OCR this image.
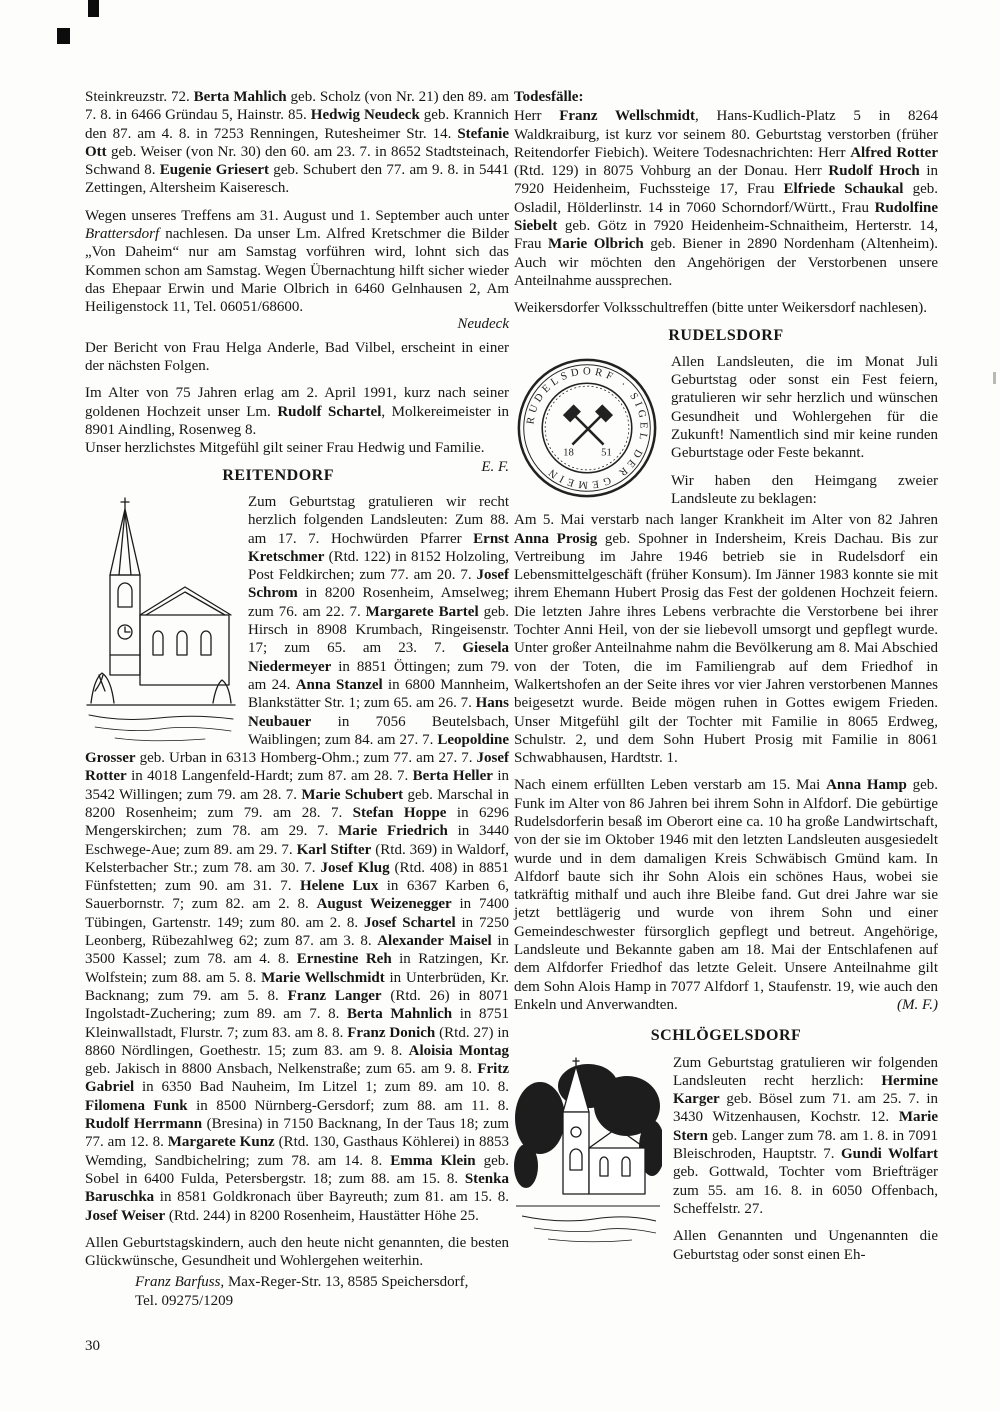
Steinkreuzstr. 72. Berta Mahlich geb. Scholz (von Nr. 21) den 89. am 7. 8. in 6466 Gründau 5, Hainstr. 85. Hedwig Neudeck geb. Krannich den 87. am 4. 8. in 7253 Renningen, Rutesheimer Str. 14. Stefanie Ott geb. Weiser (von Nr. 30) den 60. am 23. 7. in 8652 Stadtsteinach, Schwand 8. Eugenie Griesert geb. Schubert den 77. am 9. 8. in 5441 Zettingen, Altersheim Kaiseresch.

Wegen unseres Treffens am 31. August und 1. September auch unter Brattersdorf nachlesen. Da unser Lm. Alfred Kretschmer die Bilder „Von Daheim“ nur am Samstag vorführen wird, lohnt sich das Kommen schon am Samstag. Wegen Übernachtung hilft sicher wieder das Ehepaar Erwin und Marie Olbrich in 6460 Gelnhausen 2, Am Heiligenstock 11, Tel. 06051/68600.

Neudeck

Der Bericht von Frau Helga Anderle, Bad Vilbel, erscheint in einer der nächsten Folgen.

Im Alter von 75 Jahren erlag am 2. April 1991, kurz nach seiner goldenen Hochzeit unser Lm. Rudolf Schartel, Molkereimeister in 8901 Aindling, Rosenweg 8.

Unser herzlichstes Mitgefühl gilt seiner Frau Hedwig und Familie.
E. F.

REITENDORF

Zum Geburtstag gratulieren wir recht herzlich folgenden Landsleuten: Zum 88. am 17. 7. Hochwürden Pfarrer Ernst Kretschmer (Rtd. 122) in 8152 Holzoling, Post Feldkirchen; zum 77. am 20. 7. Josef Schrom in 8200 Rosenheim, Amselweg; zum 76. am 22. 7. Margarete Bartel geb. Hirsch in 8908 Krumbach, Ringeisenstr. 17; zum 65. am 23. 7. Giesela Niedermeyer in 8851 Öttingen; zum 79. am 24. Anna Stanzel in 6800 Mannheim, Blankstätter Str. 1; zum 65. am 26. 7. Hans Neubauer in 7056 Beutelsbach, Waiblingen; zum 84. am 27. 7. Leopoldine Grosser geb. Urban in 6313 Homberg-Ohm.; zum 77. am 27. 7. Josef Rotter in 4018 Langenfeld-Hardt; zum 87. am 28. 7. Berta Heller in 3542 Willingen; zum 79. am 28. 7. Marie Schubert geb. Marschal in 8200 Rosenheim; zum 79. am 28. 7. Stefan Hoppe in 6296 Mengerskirchen; zum 78. am 29. 7. Marie Friedrich in 3440 Eschwege-Aue; zum 89. am 29. 7. Karl Stifter (Rtd. 369) in Waldorf, Kelsterbacher Str.; zum 78. am 30. 7. Josef Klug (Rtd. 408) in 8851 Fünfstetten; zum 90. am 31. 7. Helene Lux in 6367 Karben 6, Sauerbornstr. 7; zum 82. am 2. 8. August Weizenegger in 7400 Tübingen, Gartenstr. 149; zum 80. am 2. 8. Josef Schartel in 7250 Leonberg, Rübezahlweg 62; zum 87. am 3. 8. Alexander Maisel in 3500 Kassel; zum 78. am 4. 8. Ernestine Reh in Ratzingen, Kr. Wolfstein; zum 88. am 5. 8. Marie Wellschmidt in Unterbrüden, Kr. Backnang; zum 79. am 5. 8. Franz Langer (Rtd. 26) in 8071 Ingolstadt-Zuchering; zum 89. am 7. 8. Berta Mahnlich in 8751 Kleinwallstadt, Flurstr. 7; zum 83. am 8. 8. Franz Donich (Rtd. 27) in 8860 Nördlingen, Goethestr. 15; zum 83. am 9. 8. Aloisia Montag geb. Jakisch in 8800 Ansbach, Nelkenstraße; zum 65. am 9. 8. Fritz Gabriel in 6350 Bad Nauheim, Im Litzel 1; zum 89. am 10. 8. Filomena Funk in 8500 Nürnberg-Gersdorf; zum 88. am 11. 8. Rudolf Herrmann (Bresina) in 7150 Backnang, In der Taus 18; zum 77. am 12. 8. Margarete Kunz (Rtd. 130, Gasthaus Köhlerei) in 8853 Wemding, Sandbichelring; zum 78. am 14. 8. Emma Klein geb. Sobel in 6400 Fulda, Petersbergstr. 18; zum 88. am 15. 8. Stenka Baruschka in 8581 Goldkronach über Bayreuth; zum 81. am 15. 8. Josef Weiser (Rtd. 244) in 8200 Rosenheim, Haustätter Höhe 25.

Allen Geburtstagskindern, auch den heute nicht genannten, die besten Glückwünsche, Gesundheit und Wohlergehen weiterhin.

Franz Barfuss, Max-Reger-Str. 13, 8585 Speichersdorf,
Tel. 09275/1209

Todesfälle:

Herr Franz Wellschmidt, Hans-Kudlich-Platz 5 in 8264 Waldkraiburg, ist kurz vor seinem 80. Geburtstag verstorben (früher Reitendorfer Fiebich). Weitere Todesnachrichten: Herr Alfred Rotter (Rtd. 129) in 8075 Vohburg an der Donau. Herr Rudolf Hroch in 7920 Heidenheim, Fuchssteige 17, Frau Elfriede Schaukal geb. Osladil, Hölderlinstr. 14 in 7060 Schorndorf/Württ., Frau Rudolfine Siebelt geb. Götz in 7920 Heidenheim-Schnaitheim, Herterstr. 14, Frau Marie Olbrich geb. Biener in 2890 Nordenham (Altenheim). Auch wir möchten den Angehörigen der Verstorbenen unsere Anteilnahme aussprechen.

Weikersdorfer Volksschultreffen (bitte unter Weikersdorf nachlesen).

RUDELSDORF
RUDELSDORF · SIGEL DER GEMEIN
18 51

Allen Landsleuten, die im Monat Juli Geburtstag oder sonst ein Fest feiern, gratulieren wir sehr herzlich und wünschen Gesundheit und Wohlergehen für die Zukunft! Namentlich sind mir keine runden Geburtstage oder Feste bekannt.

Wir haben den Heimgang zweier Landsleute zu beklagen:

Am 5. Mai verstarb nach langer Krankheit im Alter von 82 Jahren Anna Prosig geb. Spohner in Indersheim, Kreis Dachau. Bis zur Vertreibung im Jahre 1946 betrieb sie in Rudelsdorf ein Lebensmittelgeschäft (früher Konsum). Im Jänner 1983 konnte sie mit ihrem Ehemann Hubert Prosig das Fest der goldenen Hochzeit feiern. Die letzten Jahre ihres Lebens verbrachte die Verstorbene bei ihrer Tochter Anni Heil, von der sie liebevoll umsorgt und gepflegt wurde. Unter großer Anteilnahme nahm die Bevölkerung am 8. Mai Abschied von der Toten, die im Familiengrab auf dem Friedhof in Walkertshofen an der Seite ihres vor vier Jahren verstorbenen Mannes beigesetzt wurde. Beide mögen ruhen in Gottes ewigem Frieden. Unser Mitgefühl gilt der Tochter mit Familie in 8065 Erdweg, Schulstr. 2, und dem Sohn Hubert Prosig mit Familie in 8061 Schwabhausen, Hardtstr. 1.

Nach einem erfüllten Leben verstarb am 15. Mai Anna Hamp geb. Funk im Alter von 86 Jahren bei ihrem Sohn in Alfdorf. Die gebürtige Rudelsdorferin besaß im Oberort eine ca. 10 ha große Landwirtschaft, von der sie im Oktober 1946 mit den letzten Landsleuten ausgesiedelt wurde und in dem damaligen Kreis Schwäbisch Gmünd kam. In Alfdorf baute sich ihr Sohn Alois ein schönes Haus, wobei sie tatkräftig mithalf und auch ihre Bleibe fand. Gut drei Jahre war sie jetzt bettlägerig und wurde von ihrem Sohn und einer Gemeindeschwester fürsorglich gepflegt und betreut. Angehörige, Landsleute und Bekannte gaben am 18. Mai der Entschlafenen auf dem Alfdorfer Friedhof das letzte Geleit. Unsere Anteilnahme gilt dem Sohn Alois Hamp in 7077 Alfdorf 1, Staufenstr. 19, wie auch den Enkeln und Anverwandten.	(M. F.)

SCHLÖGELSDORF

Zum Geburtstag gratulieren wir folgenden Landsleuten recht herzlich: Hermine Karger geb. Bösel zum 71. am 25. 7. in 3430 Witzenhausen, Kochstr. 12. Marie Stern geb. Langer zum 78. am 1. 8. in 7091 Bleischroden, Hauptstr. 7. Gundi Wolfart geb. Gottwald, Tochter vom Briefträger zum 55. am 16. 8. in 6050 Offenbach, Scheffelstr. 27.

Allen Genannten und Ungenannten die Geburtstag oder sonst einen Eh-

30
